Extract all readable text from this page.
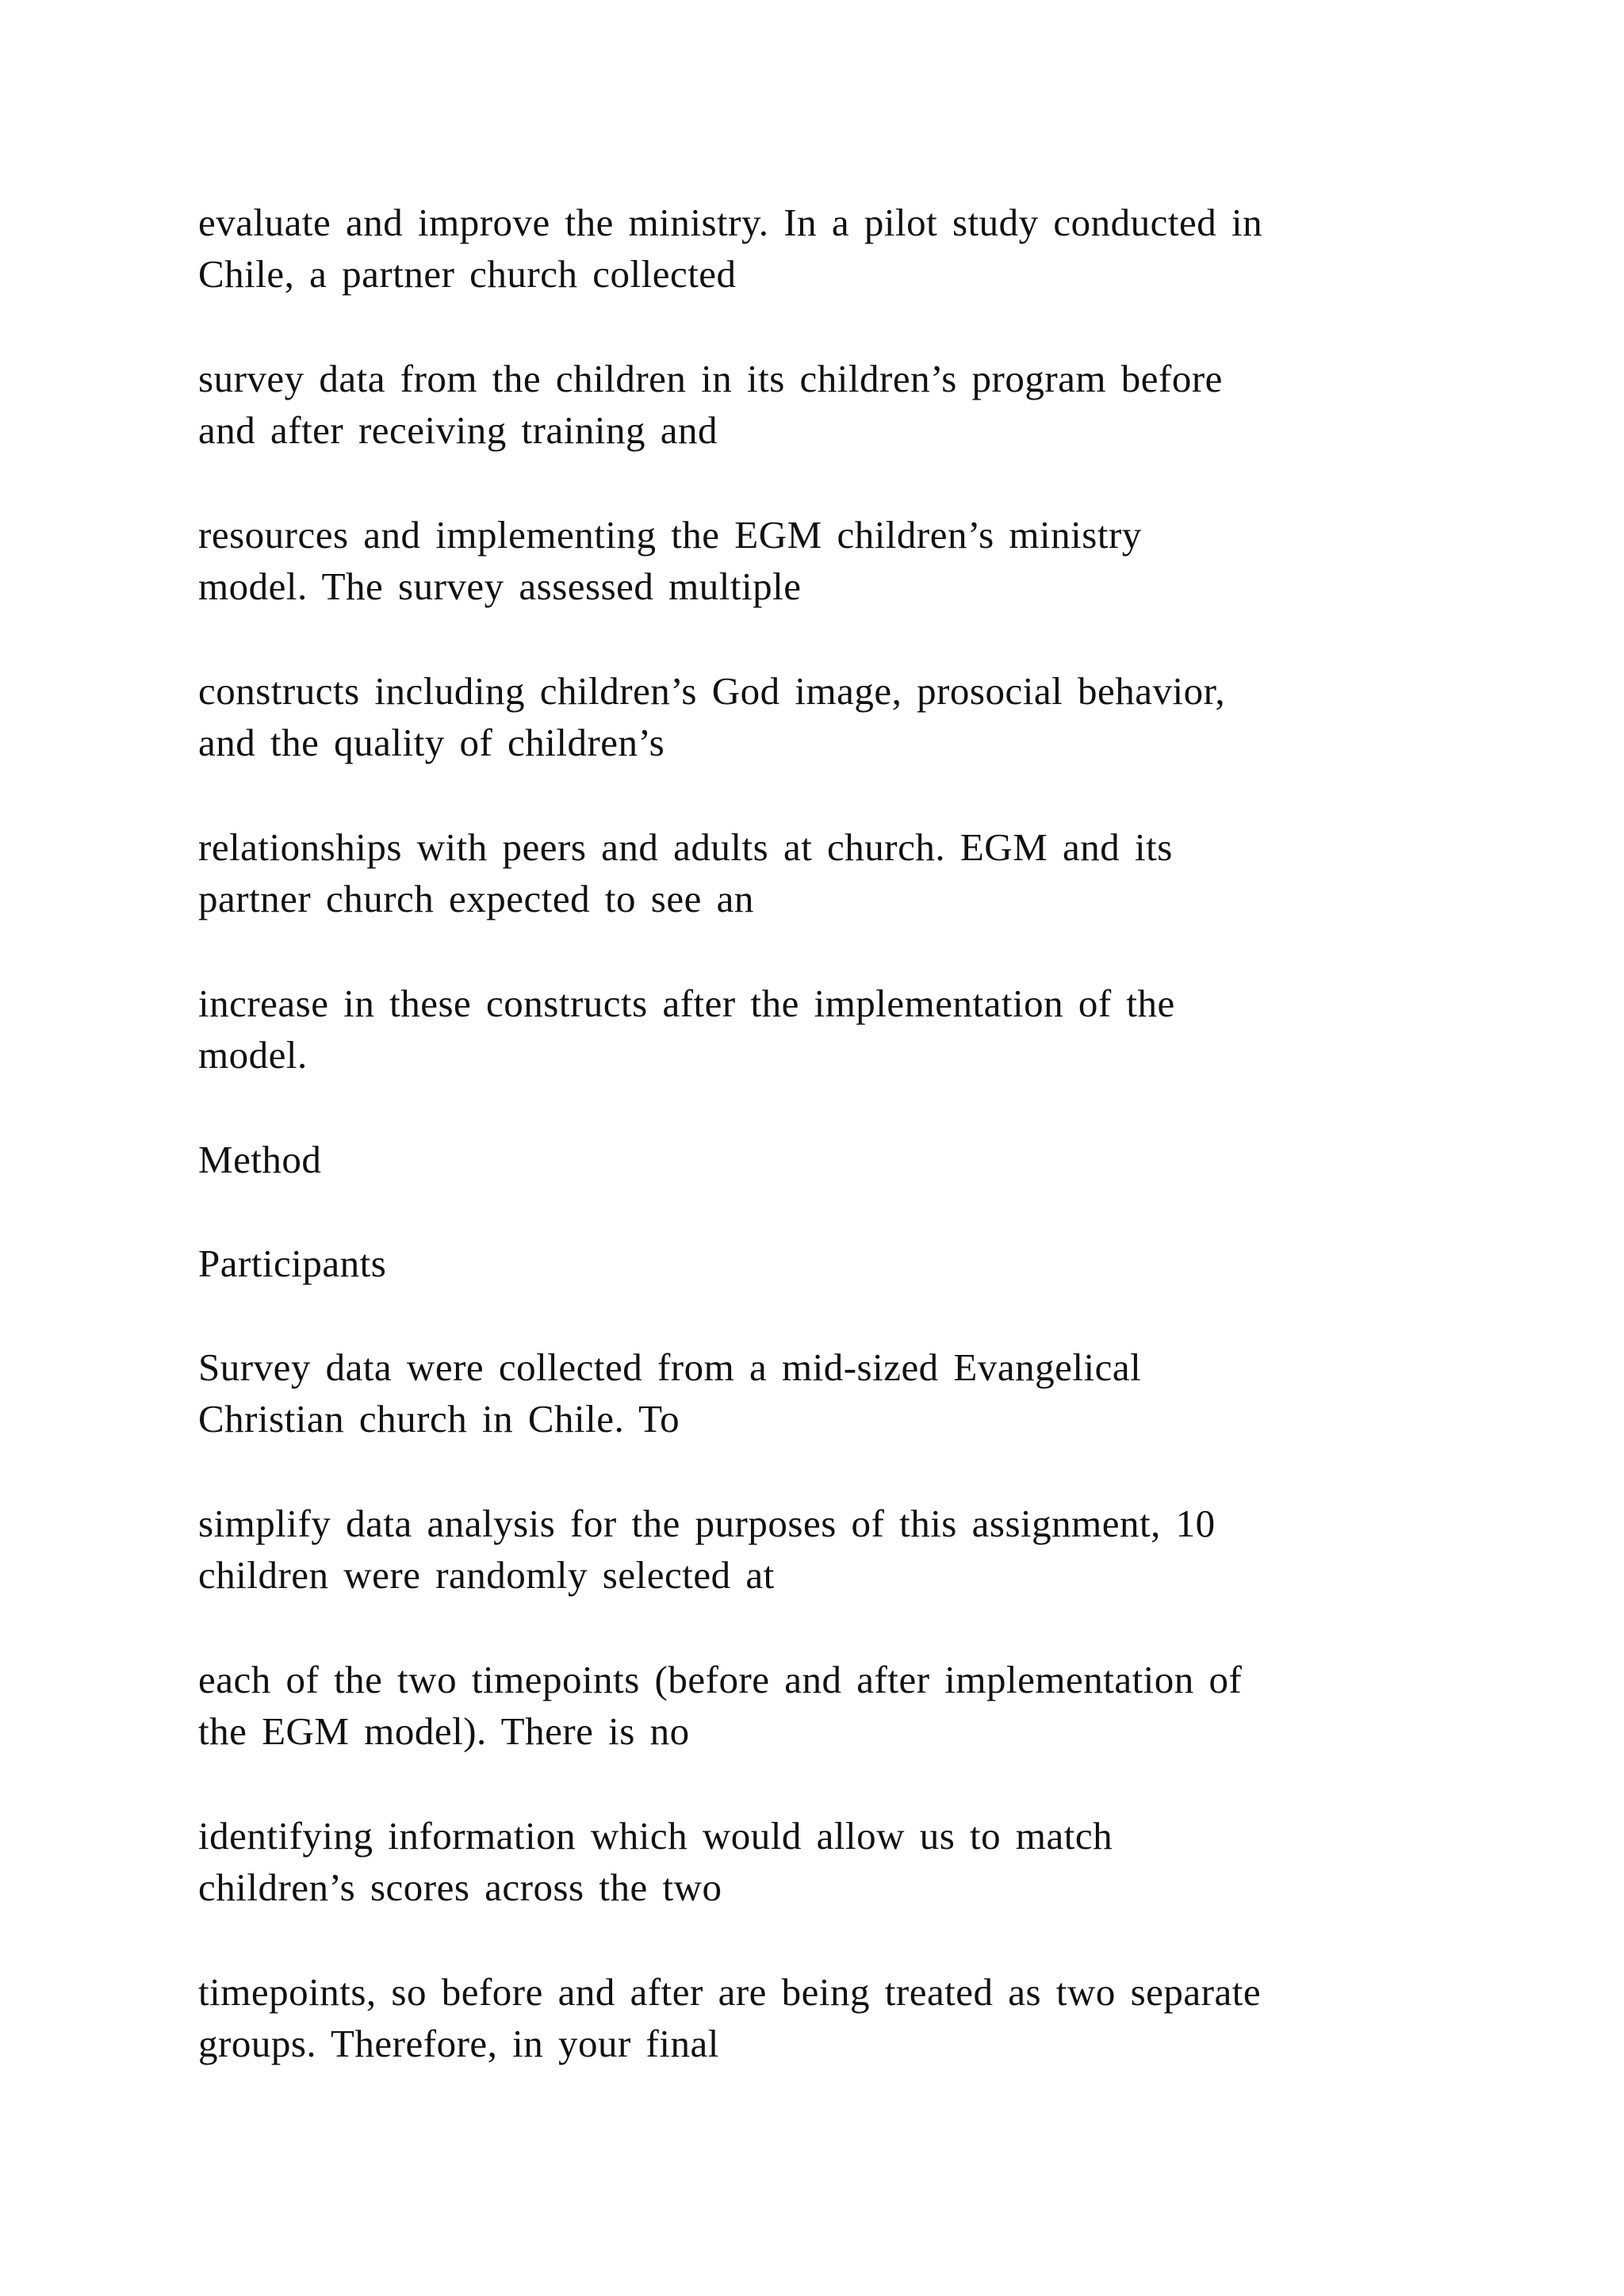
evaluate and improve the ministry. In a pilot study conducted in
Chile, a partner church collected
survey data from the children in its children’s program before
and after receiving training and
resources and implementing the EGM children’s ministry
model. The survey assessed multiple
constructs including children’s God image, prosocial behavior,
and the quality of children’s
relationships with peers and adults at church. EGM and its
partner church expected to see an
increase in these constructs after the implementation of the
model.
Method
Participants
Survey data were collected from a mid-sized Evangelical
Christian church in Chile. To
simplify data analysis for the purposes of this assignment, 10
children were randomly selected at
each of the two timepoints (before and after implementation of
the EGM model). There is no
identifying information which would allow us to match
children’s scores across the two
timepoints, so before and after are being treated as two separate
groups. Therefore, in your final
